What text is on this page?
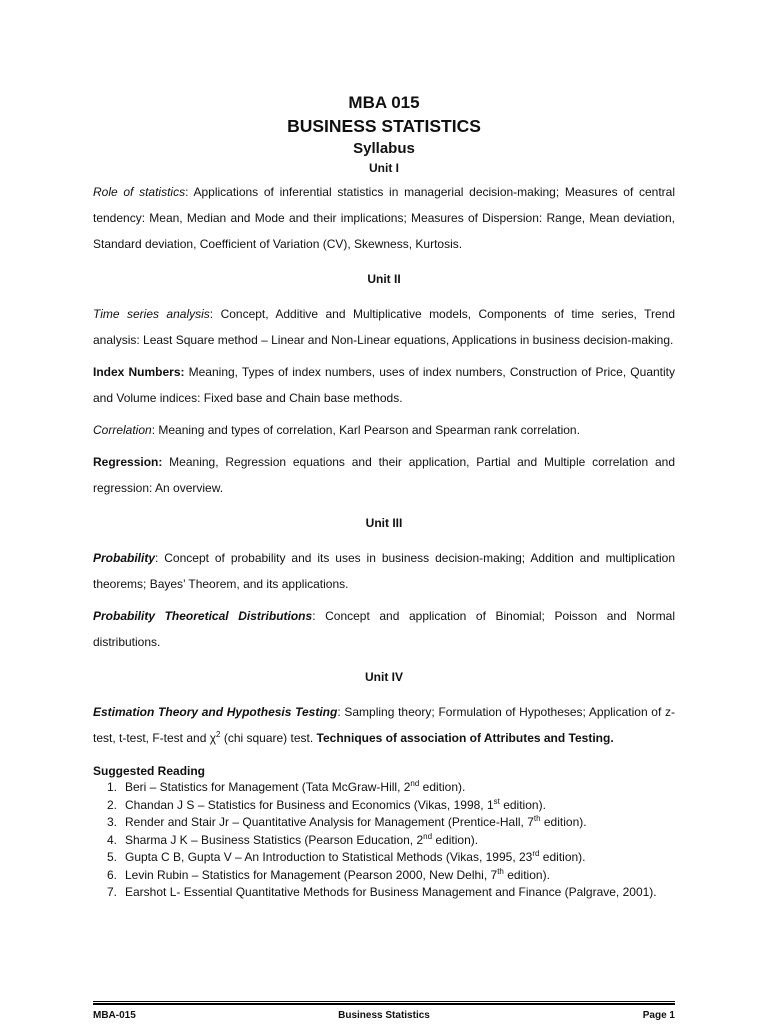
MBA 015

BUSINESS STATISTICS

Syllabus

Unit I

Role of statistics: Applications of inferential statistics in managerial decision-making; Measures of central tendency: Mean, Median and Mode and their implications; Measures of Dispersion: Range, Mean deviation, Standard deviation, Coefficient of Variation (CV), Skewness, Kurtosis.

Unit II

Time series analysis: Concept, Additive and Multiplicative models, Components of time series, Trend analysis: Least Square method – Linear and Non-Linear equations, Applications in business decision-making.

Index Numbers: Meaning, Types of index numbers, uses of index numbers, Construction of Price, Quantity and Volume indices: Fixed base and Chain base methods.

Correlation: Meaning and types of correlation, Karl Pearson and Spearman rank correlation.

Regression: Meaning, Regression equations and their application, Partial and Multiple correlation and regression: An overview.

Unit III

Probability: Concept of probability and its uses in business decision-making; Addition and multiplication theorems; Bayes’ Theorem, and its applications.

Probability Theoretical Distributions: Concept and application of Binomial; Poisson and Normal distributions.

Unit IV

Estimation Theory and Hypothesis Testing: Sampling theory; Formulation of Hypotheses; Application of z-test, t-test, F-test and $\chi^2$ (chi square) test. Techniques of association of Attributes and Testing.

Suggested Reading

1. Beri – Statistics for Management (Tata McGraw-Hill, 2nd edition).
2. Chandan J S – Statistics for Business and Economics (Vikas, 1998, 1st edition).
3. Render and Stair Jr – Quantitative Analysis for Management (Prentice-Hall, 7th edition).
4. Sharma J K – Business Statistics (Pearson Education, 2nd edition).
5. Gupta C B, Gupta V – An Introduction to Statistical Methods (Vikas, 1995, 23rd edition).
6. Levin Rubin – Statistics for Management (Pearson 2000, New Delhi, 7th edition).
7. Earshot L- Essential Quantitative Methods for Business Management and Finance (Palgrave, 2001).
MBA-015	Business Statistics	Page 1
